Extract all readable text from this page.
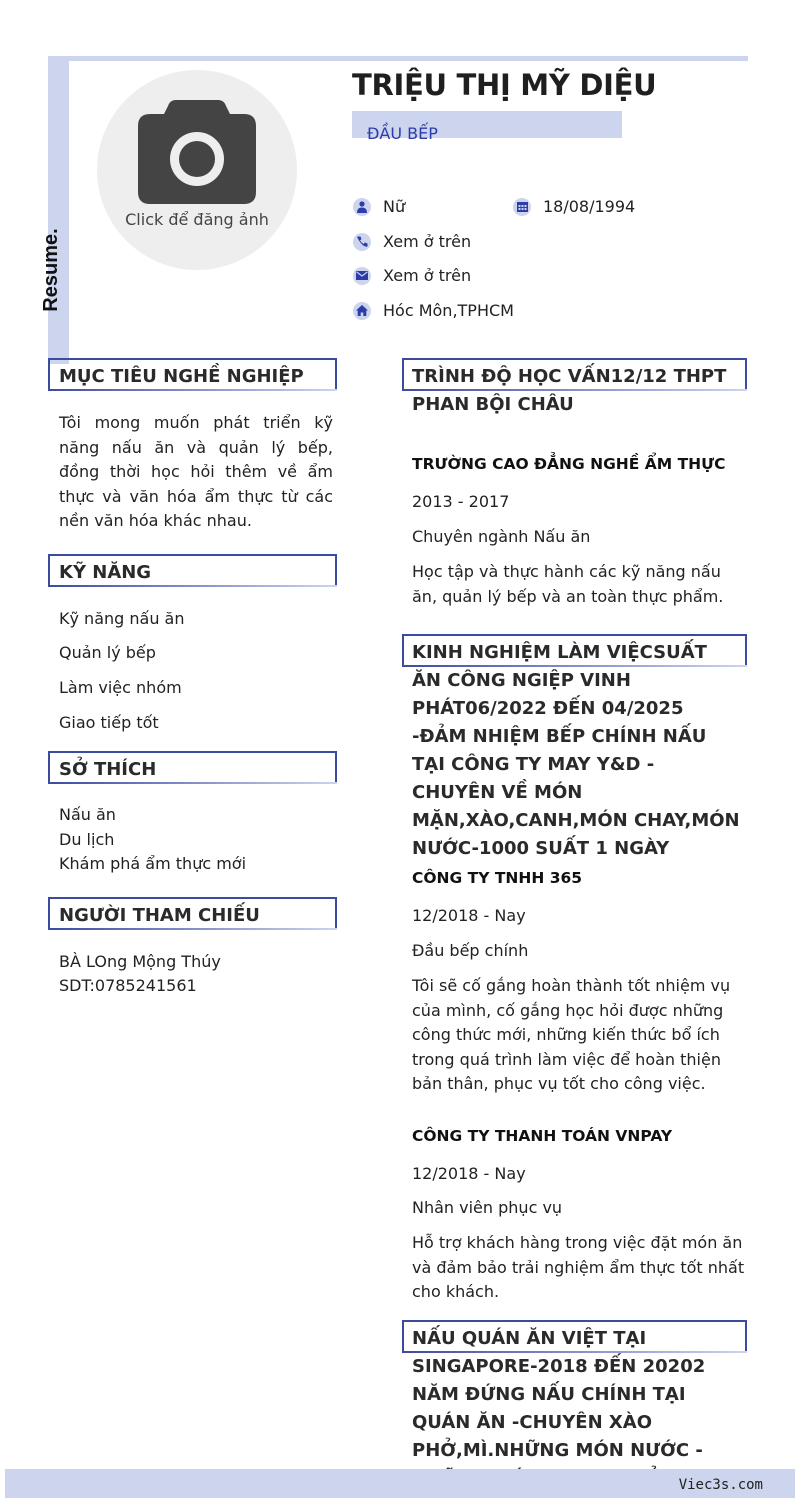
Resume.
Click để đăng ảnh
TRIỆU THỊ MỸ DIỆU
ĐẦU BẾP
Nữ	18/08/1994
Xem ở trên
Xem ở trên
Hóc Môn,TPHCM
MỤC TIÊU NGHỀ NGHIỆP
Tôi mong muốn phát triển kỹ năng nấu ăn và quản lý bếp, đồng thời học hỏi thêm về ẩm thực và văn hóa ẩm thực từ các nền văn hóa khác nhau.
KỸ NĂNG
Kỹ năng nấu ăn
Quản lý bếp
Làm việc nhóm
Giao tiếp tốt
SỞ THÍCH
Nấu ăn
Du lịch
Khám phá ẩm thực mới
NGƯỜI THAM CHIẾU
BÀ LOng Mộng Thúy
SDT:0785241561
TRÌNH ĐỘ HỌC VẤN12/12 THPT PHAN BỘI CHÂU
TRƯỜNG CAO ĐẲNG NGHỀ ẨM THỰC
2013 - 2017
Chuyên ngành Nấu ăn
Học tập và thực hành các kỹ năng nấu ăn, quản lý bếp và an toàn thực phẩm.
KINH NGHIỆM LÀM VIỆCSUẤT ĂN CÔNG NGIỆP VINH PHÁT06/2022 ĐẾN 04/2025 -ĐẢM NHIỆM BẾP CHÍNH NẤU TẠI CÔNG TY MAY Y&D - CHUYÊN VỀ MÓN MẶN,XÀO,CANH,MÓN CHAY,MÓN NƯỚC-1000 SUẤT 1 NGÀY
CÔNG TY TNHH 365
12/2018 - Nay
Đầu bếp chính
Tôi sẽ cố gắng hoàn thành tốt nhiệm vụ của mình, cố gắng học hỏi được những công thức mới, những kiến thức bổ ích trong quá trình làm việc để hoàn thiện bản thân, phục vụ tốt cho công việc.
CÔNG TY THANH TOÁN VNPAY
12/2018 - Nay
Nhân viên phục vụ
Hỗ trợ khách hàng trong việc đặt món ăn và đảm bảo trải nghiệm ẩm thực tốt nhất cho khách.
NẤU QUÁN ĂN VIỆT TẠI SINGAPORE-2018 ĐẾN 20202 NĂM ĐỨNG NẤU CHÍNH TẠI QUÁN ĂN -CHUYÊN XÀO PHỞ,MÌ.NHỮNG MÓN NƯỚC -
Viec3s.com
